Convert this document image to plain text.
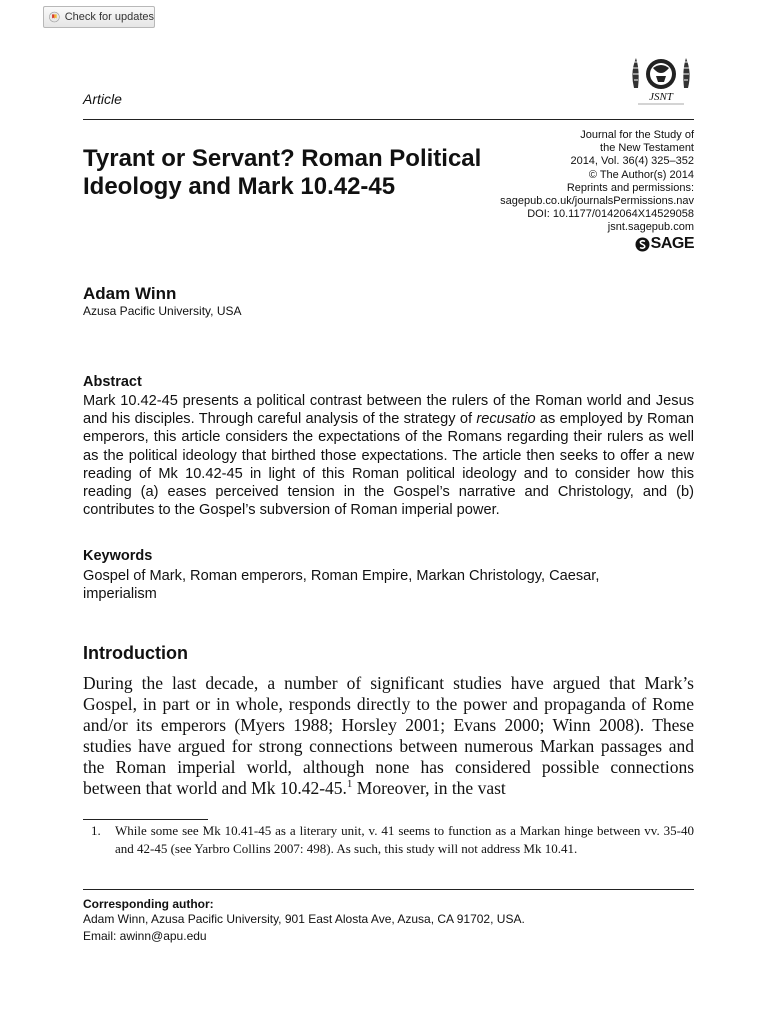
Check for updates
Article	JSNT
Tyrant or Servant? Roman Political Ideology and Mark 10.42-45
Journal for the Study of
the New Testament
2014, Vol. 36(4) 325–352
© The Author(s) 2014
Reprints and permissions:
sagepub.co.uk/journalsPermissions.nav
DOI: 10.1177/0142064X14529058
jsnt.sagepub.com
SAGE
Adam Winn
Azusa Pacific University, USA
Abstract

Mark 10.42-45 presents a political contrast between the rulers of the Roman world and Jesus and his disciples. Through careful analysis of the strategy of recusatio as employed by Roman emperors, this article considers the expectations of the Romans regarding their rulers as well as the political ideology that birthed those expectations. The article then seeks to offer a new reading of Mk 10.42-45 in light of this Roman political ideology and to consider how this reading (a) eases perceived tension in the Gospel’s narrative and Christology, and (b) contributes to the Gospel’s subversion of Roman imperial power.

Keywords

Gospel of Mark, Roman emperors, Roman Empire, Markan Christology, Caesar, imperialism

Introduction

During the last decade, a number of significant studies have argued that Mark’s Gospel, in part or in whole, responds directly to the power and propaganda of Rome and/or its emperors (Myers 1988; Horsley 2001; Evans 2000; Winn 2008). These studies have argued for strong connections between numerous Markan passages and the Roman imperial world, although none has considered possible connections between that world and Mk 10.42-45.$^1$ Moreover, in the vast

1.	While some see Mk 10.41-45 as a literary unit, v. 41 seems to function as a Markan hinge between vv. 35-40 and 42-45 (see Yarbro Collins 2007: 498). As such, this study will not address Mk 10.41.
Corresponding author:
Adam Winn, Azusa Pacific University, 901 East Alosta Ave, Azusa, CA 91702, USA.
Email: awinn@apu.edu
